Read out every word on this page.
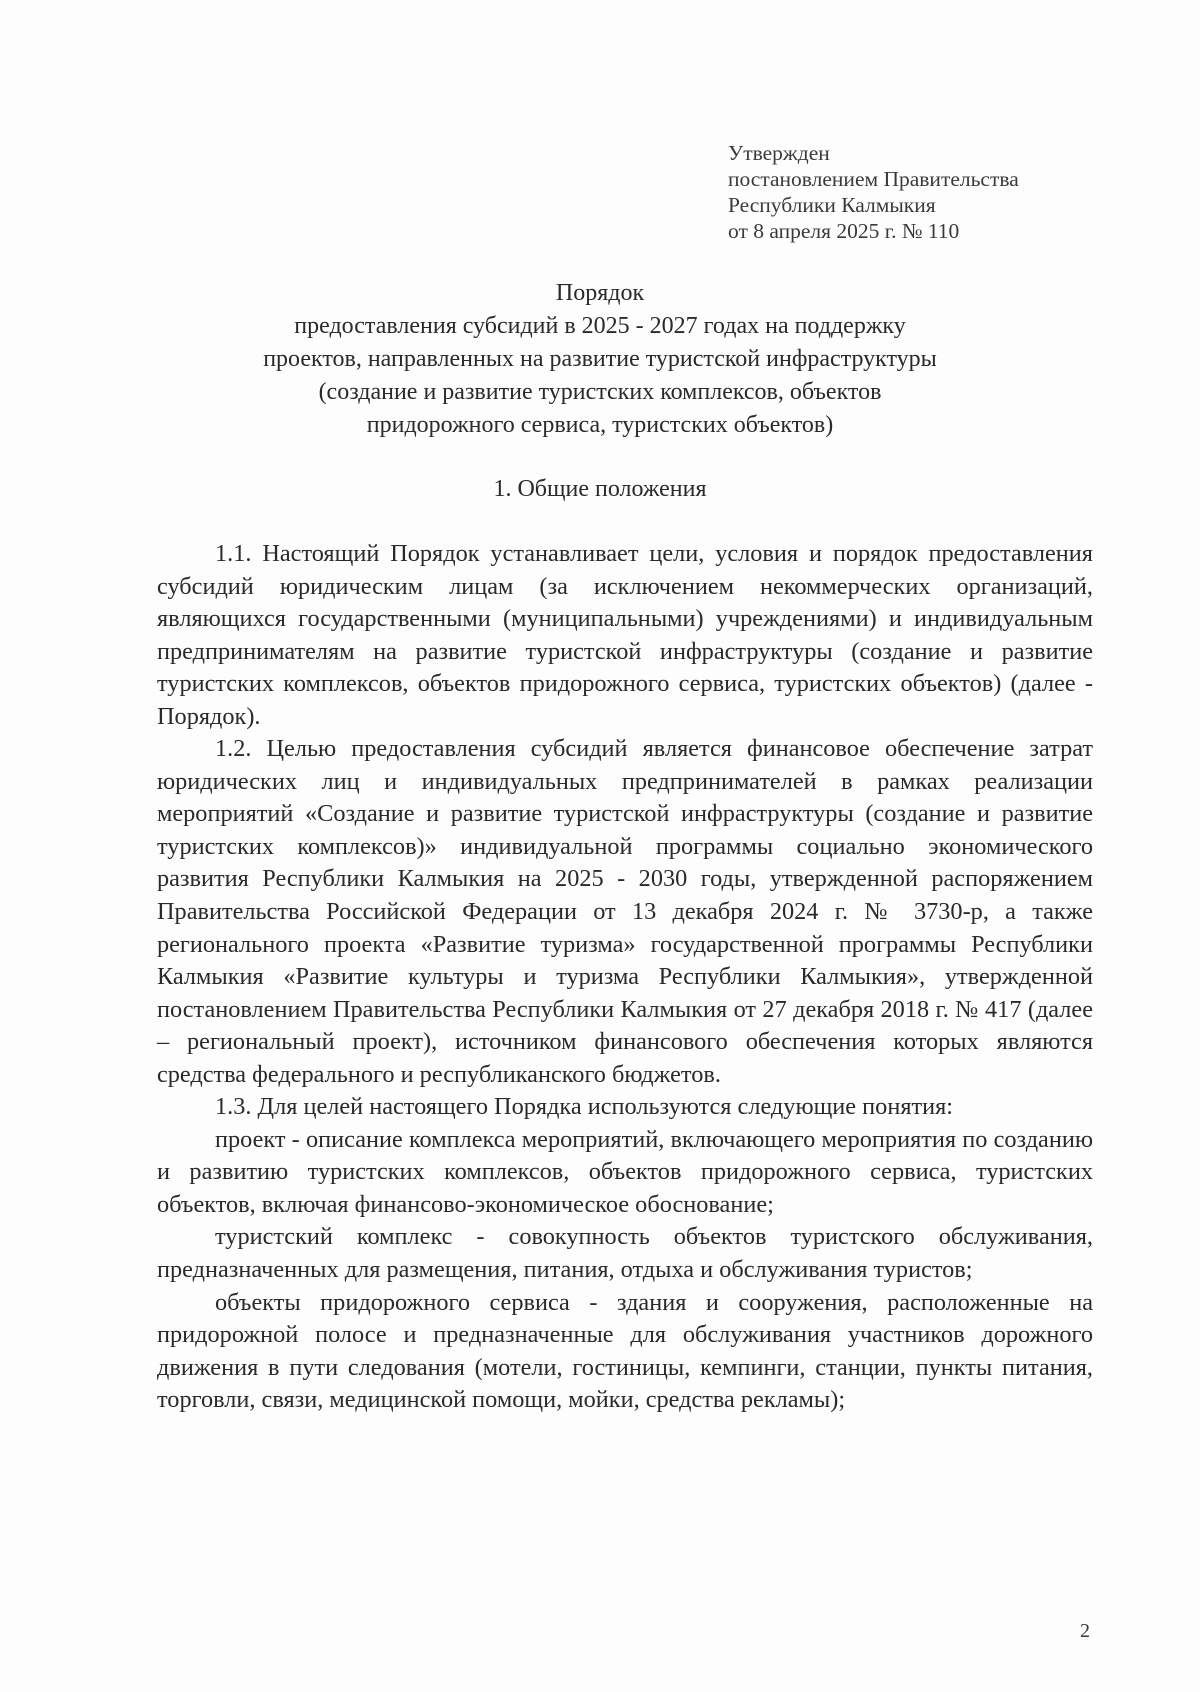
Утвержден
постановлением Правительства
Республики Калмыкия
от 8 апреля 2025 г. № 110
Порядок
предоставления субсидий в 2025 - 2027 годах на поддержку
проектов, направленных на развитие туристской инфраструктуры
(создание и развитие туристских комплексов, объектов
придорожного сервиса, туристских объектов)
1. Общие положения

1.1. Настоящий Порядок устанавливает цели, условия и порядок предоставления субсидий юридическим лицам (за исключением некоммерческих организаций, являющихся государственными (муниципальными) учреждениями) и индивидуальным предпринимателям на развитие туристской инфраструктуры (создание и развитие туристских комплексов, объектов придорожного сервиса, туристских объектов) (далее - Порядок).

1.2. Целью предоставления субсидий является финансовое обеспечение затрат юридических лиц и индивидуальных предпринимателей в рамках реализации мероприятий «Создание и развитие туристской инфраструктуры (создание и развитие туристских комплексов)» индивидуальной программы социально экономического развития Республики Калмыкия на 2025 - 2030 годы, утвержденной распоряжением Правительства Российской Федерации от 13 декабря 2024 г. № 3730-р, а также регионального проекта «Развитие туризма» государственной программы Республики Калмыкия «Развитие культуры и туризма Республики Калмыкия», утвержденной постановлением Правительства Республики Калмыкия от 27 декабря 2018 г. № 417 (далее – региональный проект), источником финансового обеспечения которых являются средства федерального и республиканского бюджетов.

1.3. Для целей настоящего Порядка используются следующие понятия:

проект - описание комплекса мероприятий, включающего мероприятия по созданию и развитию туристских комплексов, объектов придорожного сервиса, туристских объектов, включая финансово-экономическое обоснование;

туристский комплекс - совокупность объектов туристского обслуживания, предназначенных для размещения, питания, отдыха и обслуживания туристов;

объекты придорожного сервиса - здания и сооружения, расположенные на придорожной полосе и предназначенные для обслуживания участников дорожного движения в пути следования (мотели, гостиницы, кемпинги, станции, пункты питания, торговли, связи, медицинской помощи, мойки, средства рекламы);

2
